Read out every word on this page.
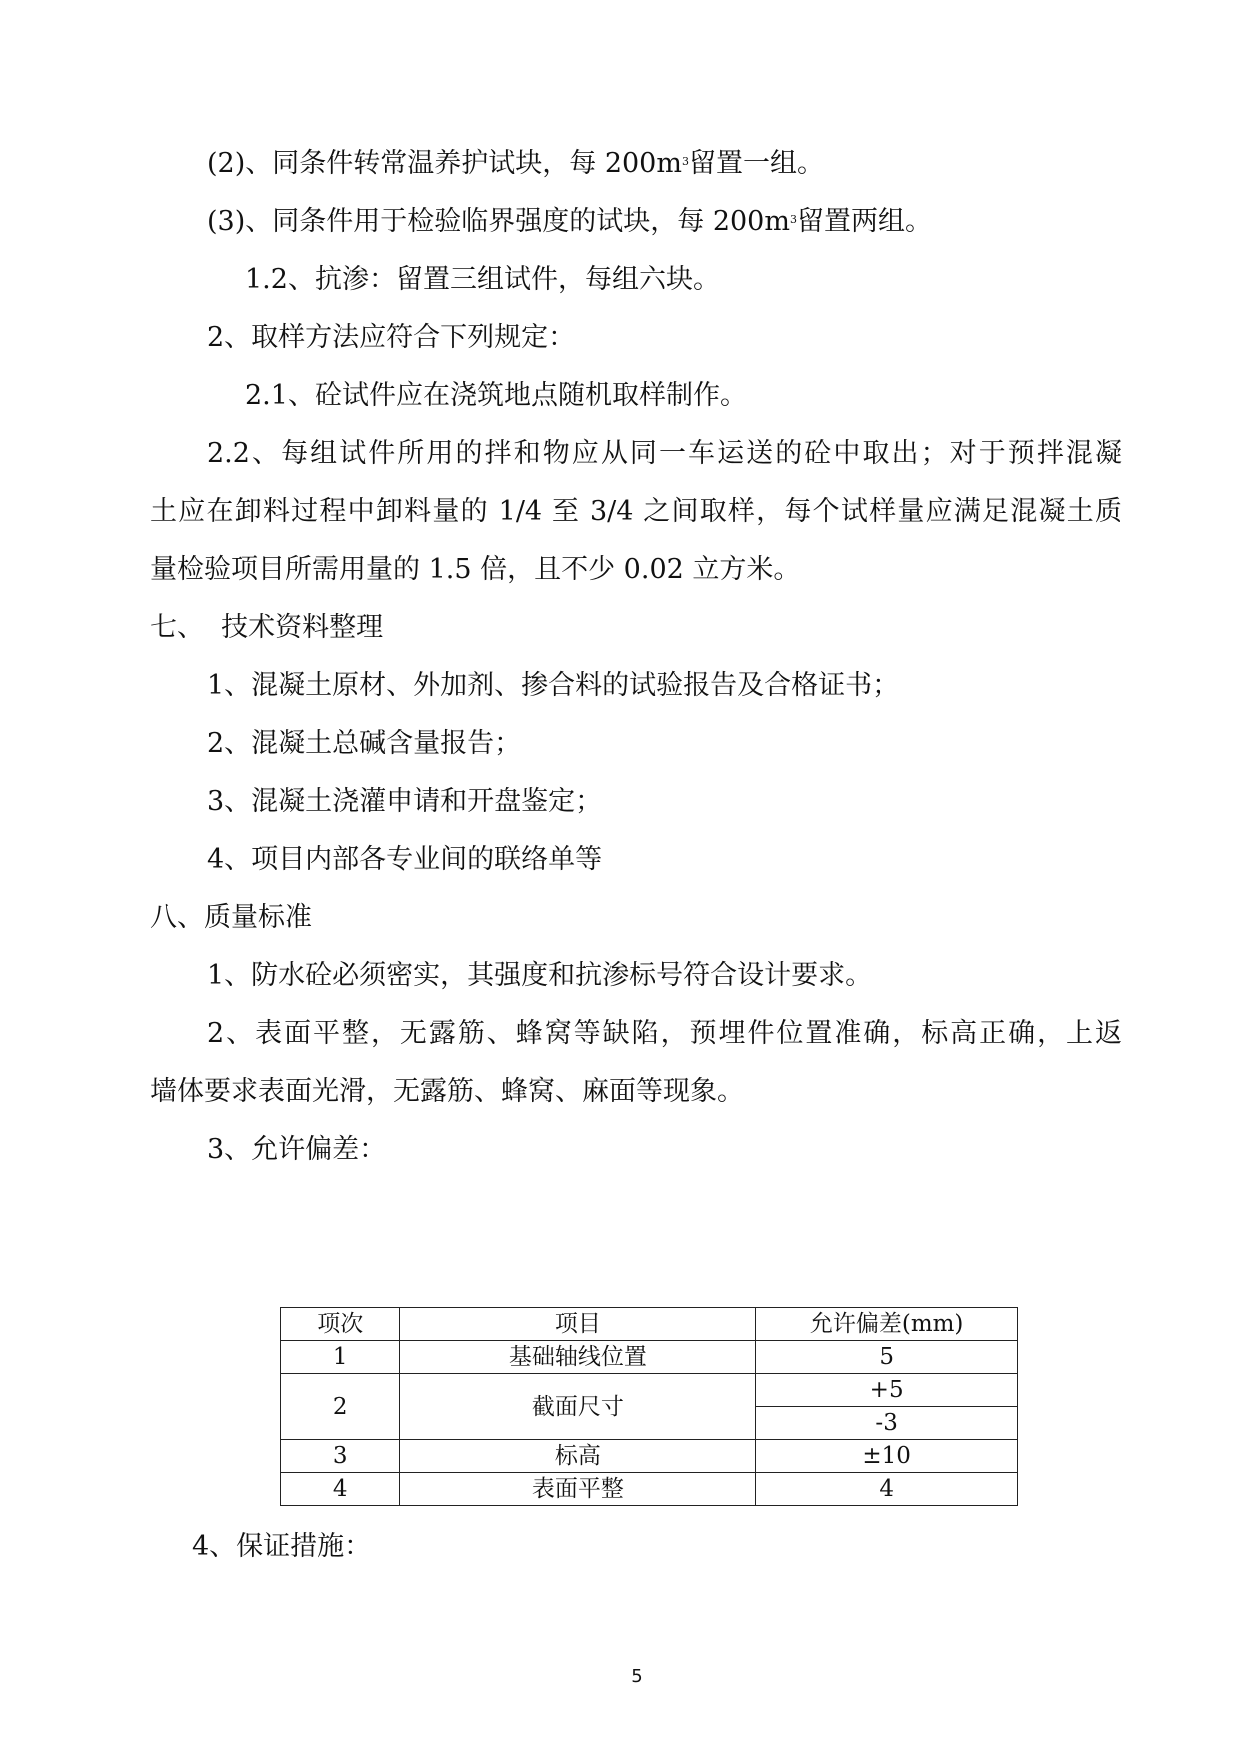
(2)、同条件转常温养护试块，每 $200m^3$留置一组。
(3)、同条件用于检验临界强度的试块，每 $200m^3$留置两组。
1.2、抗渗：留置三组试件，每组六块。
2、取样方法应符合下列规定：
2.1、砼试件应在浇筑地点随机取样制作。
2.2、每组试件所用的拌和物应从同一车运送的砼中取出；对于预拌混凝
土应在卸料过程中卸料量的 1/4 至 3/4 之间取样，每个试样量应满足混凝土质
量检验项目所需用量的 1.5 倍，且不少 0.02 立方米。
七、  技术资料整理
1、混凝土原材、外加剂、掺合料的试验报告及合格证书；
2、混凝土总碱含量报告；
3、混凝土浇灌申请和开盘鉴定；
4、项目内部各专业间的联络单等
八、质量标准
1、防水砼必须密实，其强度和抗渗标号符合设计要求。
2、表面平整，无露筋、蜂窝等缺陷，预埋件位置准确，标高正确，上返
墙体要求表面光滑，无露筋、蜂窝、麻面等现象。
3、允许偏差：
项次	项目	允许偏差(mm)
1	基础轴线位置	5
2	截面尺寸	+5
		-3
3	标高	±10
4	表面平整	4
4、保证措施：
5
